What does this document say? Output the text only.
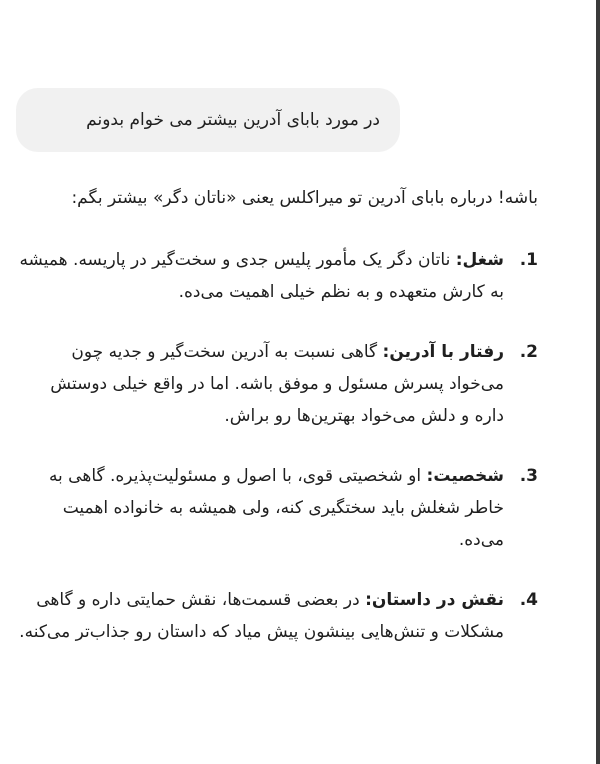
در مورد بابای آدرین بیشتر می خوام بدونم

باشه! درباره بابای آدرین تو میراکلس یعنی «ناتان دگر» بیشتر بگم:

1.
شغل: ناتان دگر یک مأمور پلیس جدی و سخت‌گیر در پاریسه. همیشه به کارش متعهده و به نظم خیلی اهمیت می‌ده.
2.
رفتار با آدرین: گاهی نسبت به آدرین سخت‌گیر و جدیه چون می‌خواد پسرش مسئول و موفق باشه. اما در واقع خیلی دوستش داره و دلش می‌خواد بهترین‌ها رو براش.
3.
شخصیت: او شخصیتی قوی، با اصول و مسئولیت‌پذیره. گاهی به خاطر شغلش باید سختگیری کنه، ولی همیشه به خانواده اهمیت می‌ده.
4.
نقش در داستان: در بعضی قسمت‌ها، نقش حمایتی داره و گاهی مشکلات و تنش‌هایی بینشون پیش میاد که داستان رو جذاب‌تر می‌کنه.
